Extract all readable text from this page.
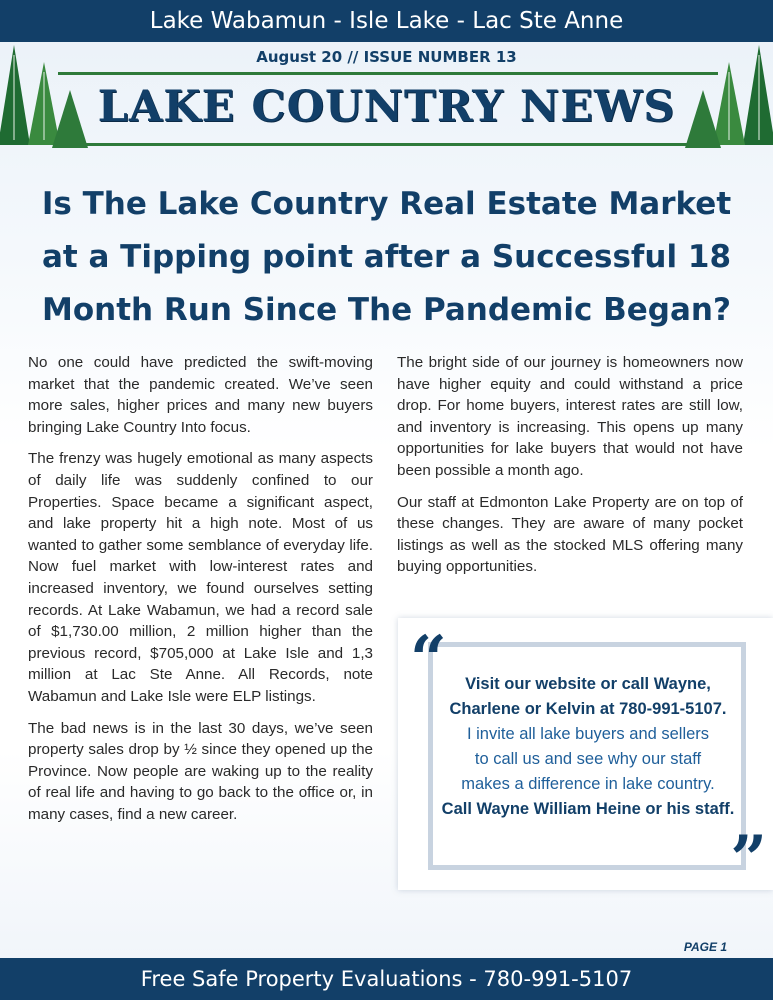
Lake Wabamun - Isle Lake - Lac Ste Anne
August 20 // ISSUE NUMBER 13
LAKE COUNTRY NEWS
Is The Lake Country Real Estate Market
at a Tipping point after a Successful 18
Month Run Since The Pandemic Began?

No one could have predicted the swift-moving market that the pandemic created. We’ve seen more sales, higher prices and many new buyers bringing Lake Country Into focus.

The frenzy was hugely emotional as many aspects of daily life was suddenly confined to our Properties. Space became a significant aspect, and lake property hit a high note. Most of us wanted to gather some semblance of everyday life. Now fuel market with low-interest rates and increased inventory, we found ourselves setting records. At Lake Wabamun, we had a record sale of $1,730.00 million, 2 million higher than the previous record, $705,000 at Lake Isle and 1,3 million at Lac Ste Anne. All Records, note Wabamun and Lake Isle were ELP listings.

The bad news is in the last 30 days, we’ve seen property sales drop by ½ since they opened up the Province. Now people are waking up to the reality of real life and having to go back to the office or, in many cases, find a new career.

The bright side of our journey is homeowners now have higher equity and could withstand a price drop. For home buyers, interest rates are still low, and inventory is increasing. This opens up many opportunities for lake buyers that would not have been possible a month ago.

Our staff at Edmonton Lake Property are on top of these changes. They are aware of many pocket listings as well as the stocked MLS offering many buying opportunities.

“	Visit our website or call Wayne,
Charlene or Kelvin at 780-991-5107.
I invite all lake buyers and sellers
to call us and see why our staff
makes a difference in lake country.
Call Wayne William Heine or his staff.
”
PAGE 1
Free Safe Property Evaluations - 780-991-5107
